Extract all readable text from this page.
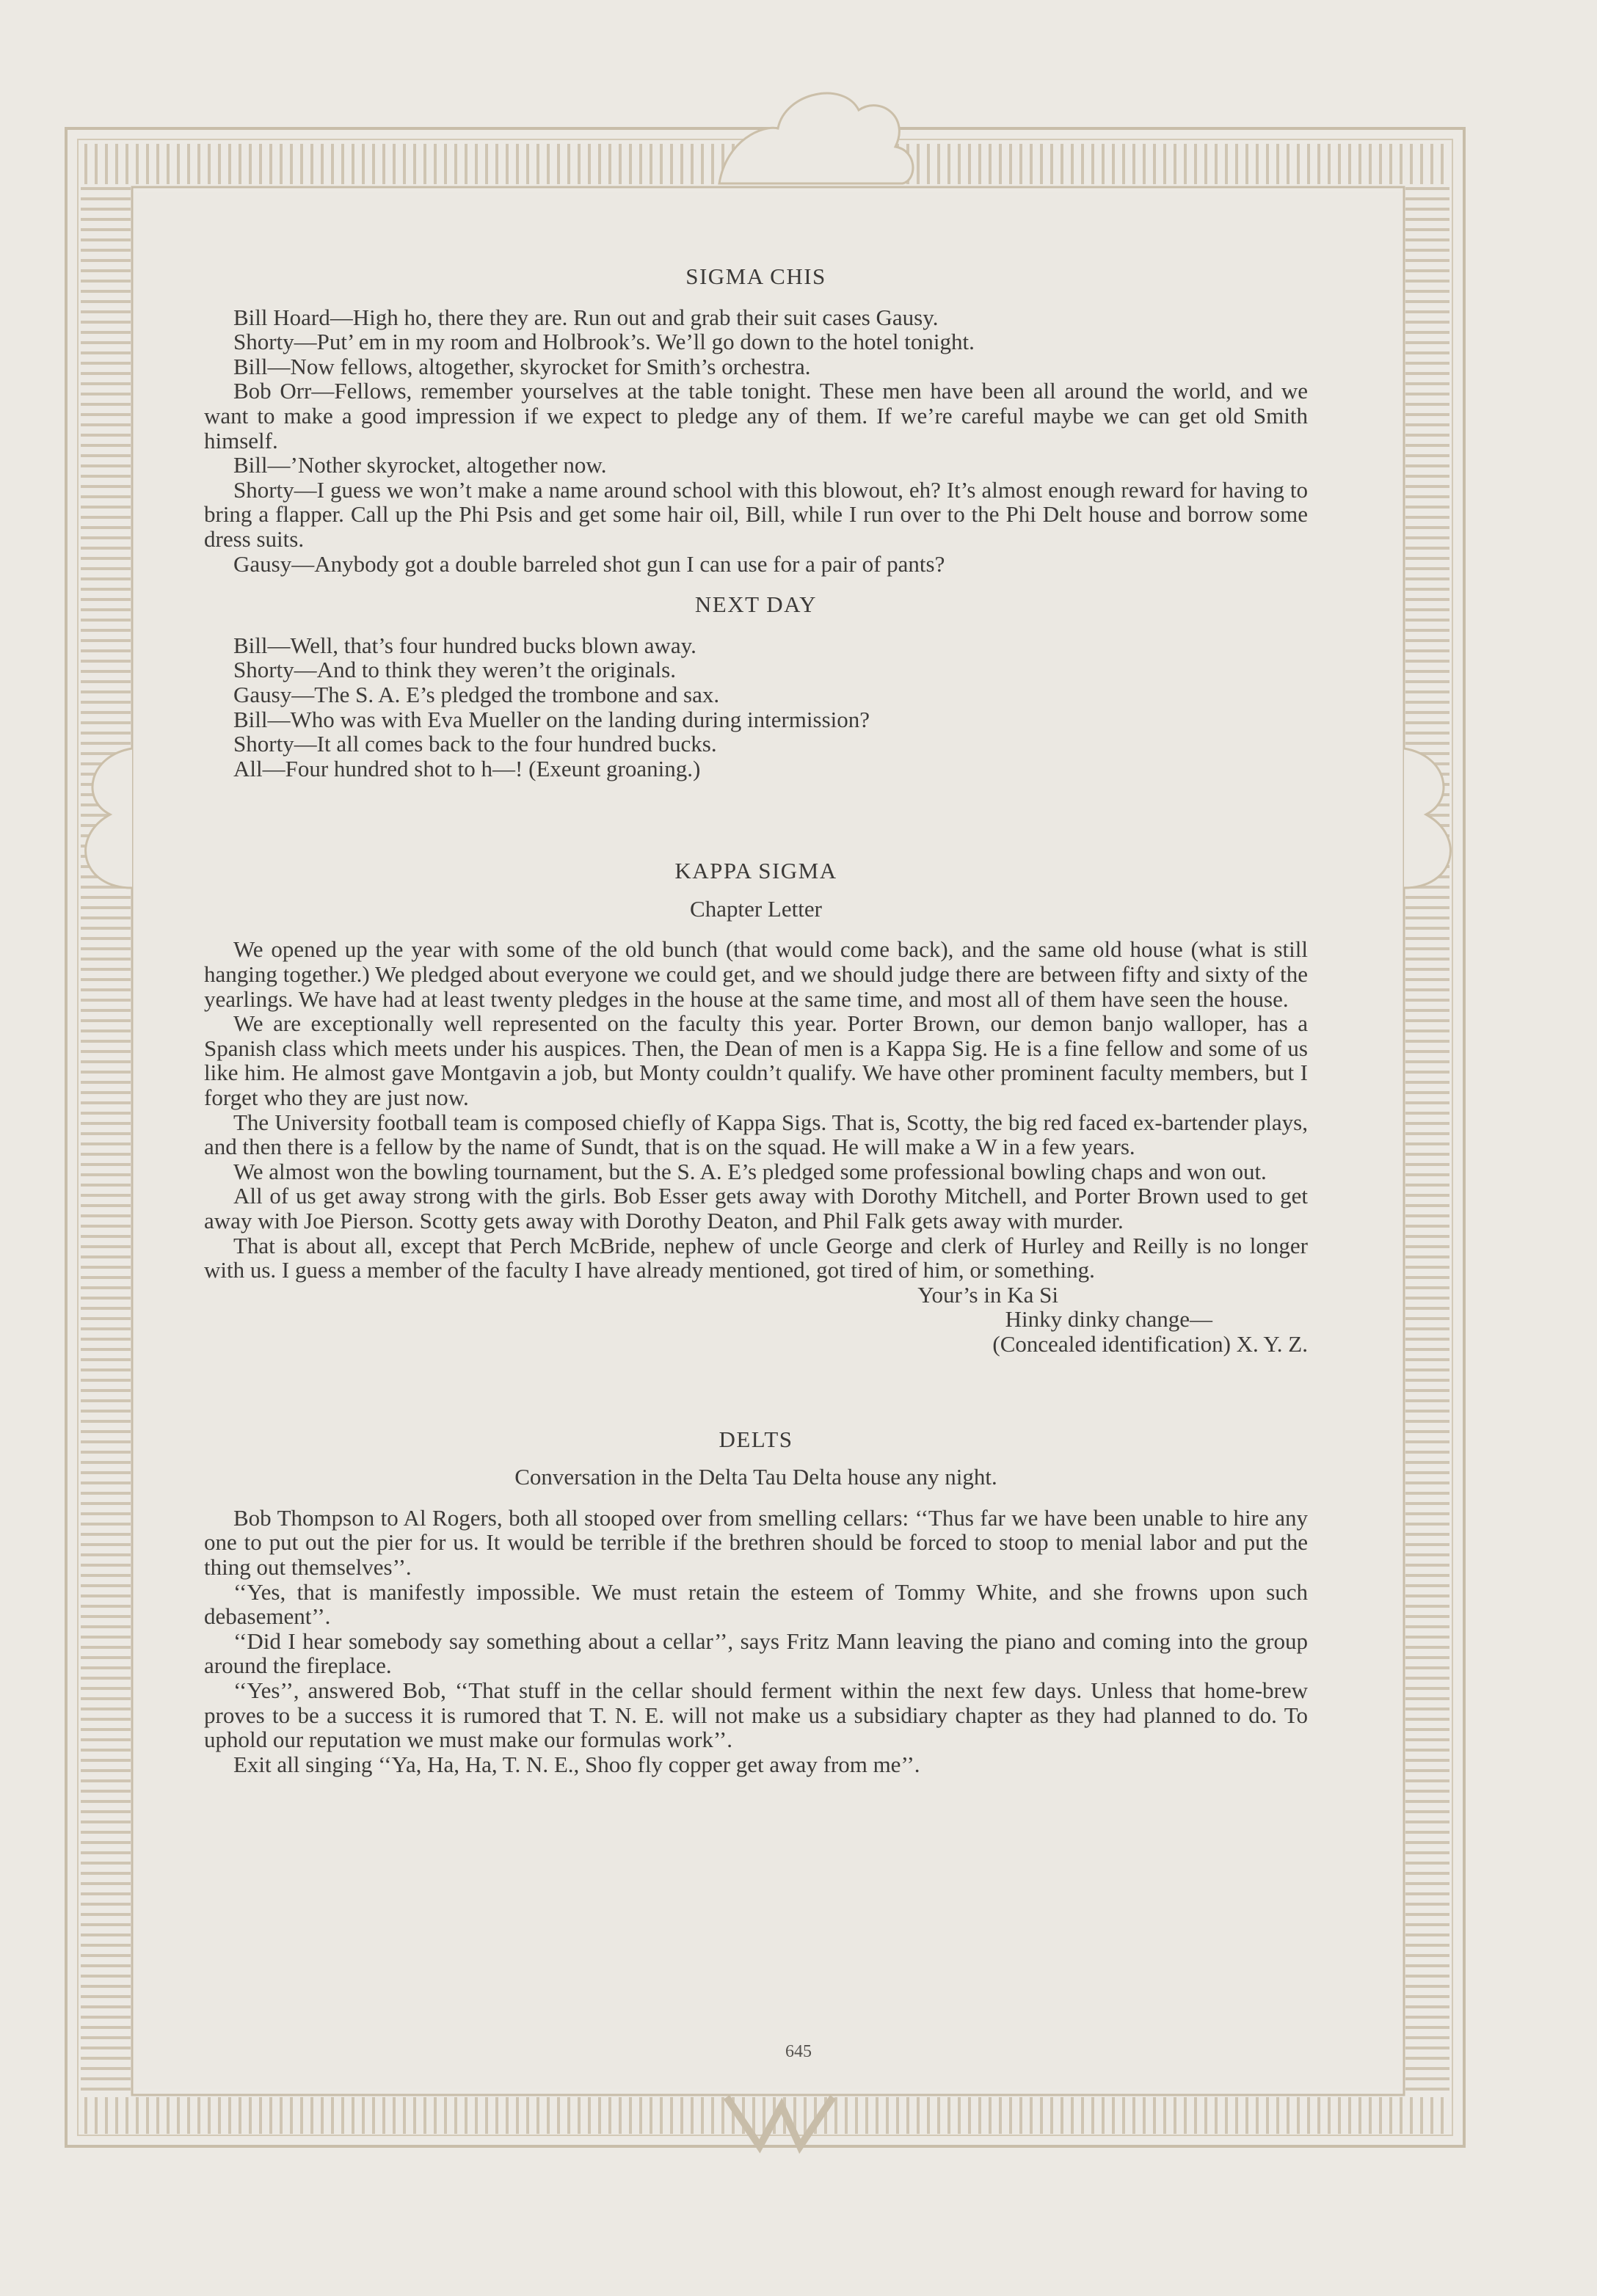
SIGMA CHIS

Bill Hoard—High ho, there they are. Run out and grab their suit cases Gausy.

Shorty—Put’ em in my room and Holbrook’s. We’ll go down to the hotel tonight.

Bill—Now fellows, altogether, skyrocket for Smith’s orchestra.

Bob Orr—Fellows, remember yourselves at the table tonight. These men have been all around the world, and we want to make a good impression if we expect to pledge any of them. If we’re careful maybe we can get old Smith himself.

Bill—’Nother skyrocket, altogether now.

Shorty—I guess we won’t make a name around school with this blowout, eh? It’s almost enough reward for having to bring a flapper. Call up the Phi Psis and get some hair oil, Bill, while I run over to the Phi Delt house and borrow some dress suits.

Gausy—Anybody got a double barreled shot gun I can use for a pair of pants?

NEXT DAY

Bill—Well, that’s four hundred bucks blown away.

Shorty—And to think they weren’t the originals.

Gausy—The S. A. E’s pledged the trombone and sax.

Bill—Who was with Eva Mueller on the landing during intermission?

Shorty—It all comes back to the four hundred bucks.

All—Four hundred shot to h—! (Exeunt groaning.)

KAPPA SIGMA

Chapter Letter

We opened up the year with some of the old bunch (that would come back), and the same old house (what is still hanging together.) We pledged about everyone we could get, and we should judge there are between fifty and sixty of the yearlings. We have had at least twenty pledges in the house at the same time, and most all of them have seen the house.

We are exceptionally well represented on the faculty this year. Porter Brown, our demon banjo walloper, has a Spanish class which meets under his auspices. Then, the Dean of men is a Kappa Sig. He is a fine fellow and some of us like him. He almost gave Montgavin a job, but Monty couldn’t qualify. We have other prominent faculty members, but I forget who they are just now.

The University football team is composed chiefly of Kappa Sigs. That is, Scotty, the big red faced ex-bartender plays, and then there is a fellow by the name of Sundt, that is on the squad. He will make a W in a few years.

We almost won the bowling tournament, but the S. A. E’s pledged some professional bowling chaps and won out.

All of us get away strong with the girls. Bob Esser gets away with Dorothy Mitchell, and Porter Brown used to get away with Joe Pierson. Scotty gets away with Dorothy Deaton, and Phil Falk gets away with murder.

That is about all, except that Perch McBride, nephew of uncle George and clerk of Hurley and Reilly is no longer with us. I guess a member of the faculty I have already mentioned, got tired of him, or something.

Your’s in Ka Si
Hinky dinky change—
(Concealed identification) X. Y. Z.

DELTS

Conversation in the Delta Tau Delta house any night.

Bob Thompson to Al Rogers, both all stooped over from smelling cellars: ‘‘Thus far we have been unable to hire any one to put out the pier for us. It would be terrible if the brethren should be forced to stoop to menial labor and put the thing out themselves’’.

‘‘Yes, that is manifestly impossible. We must retain the esteem of Tommy White, and she frowns upon such debasement’’.

‘‘Did I hear somebody say something about a cellar’’, says Fritz Mann leaving the piano and coming into the group around the fireplace.

‘‘Yes’’, answered Bob, ‘‘That stuff in the cellar should ferment within the next few days. Unless that home-brew proves to be a success it is rumored that T. N. E. will not make us a subsidiary chapter as they had planned to do. To uphold our reputation we must make our formulas work’’.

Exit all singing ‘‘Ya, Ha, Ha, T. N. E., Shoo fly copper get away from me’’.

645
